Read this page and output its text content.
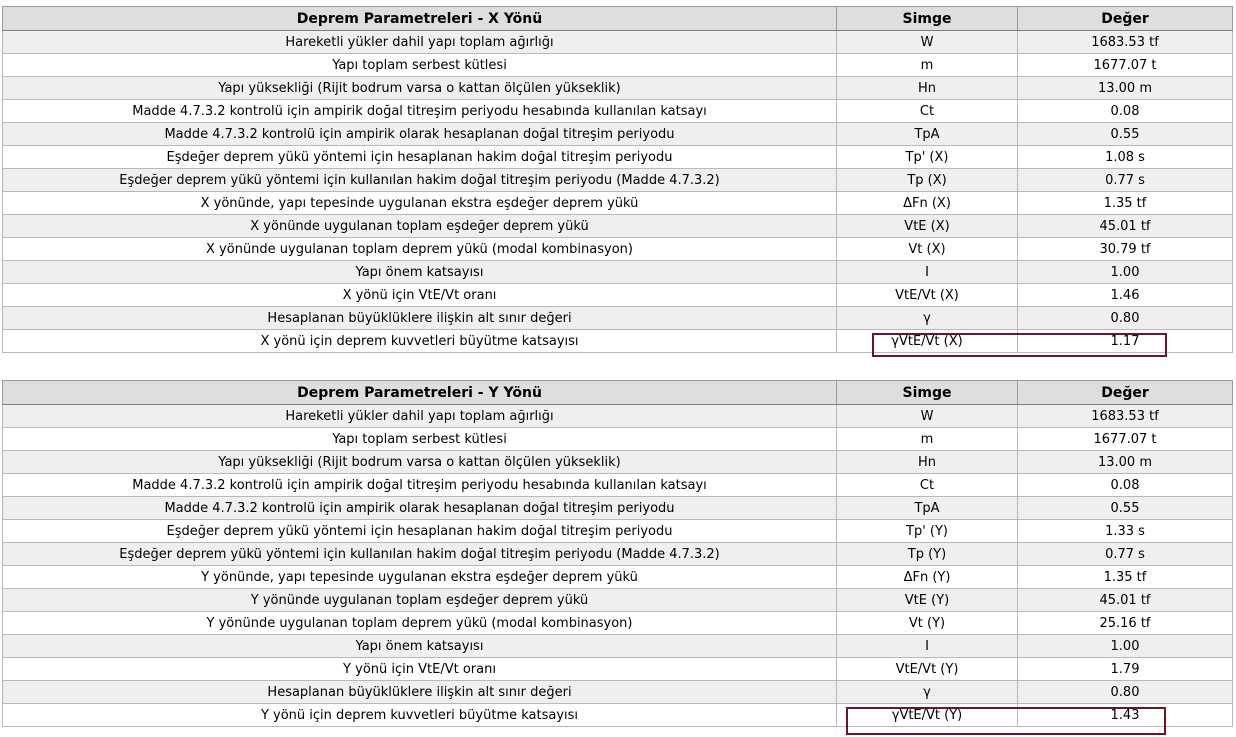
Deprem Parametreleri - X Yönü	Simge	Değer
Hareketli yükler dahil yapı toplam ağırlığı	W	1683.53 tf
Yapı toplam serbest kütlesi	m	1677.07 t
Yapı yüksekliği (Rijit bodrum varsa o kattan ölçülen yükseklik)	Hn	13.00 m
Madde 4.7.3.2 kontrolü için ampirik doğal titreşim periyodu hesabında kullanılan katsayı	Ct	0.08
Madde 4.7.3.2 kontrolü için ampirik olarak hesaplanan doğal titreşim periyodu	TpA	0.55
Eşdeğer deprem yükü yöntemi için hesaplanan hakim doğal titreşim periyodu	Tp' (X)	1.08 s
Eşdeğer deprem yükü yöntemi için kullanılan hakim doğal titreşim periyodu (Madde 4.7.3.2)	Tp (X)	0.77 s
X yönünde, yapı tepesinde uygulanan ekstra eşdeğer deprem yükü	ΔFn (X)	1.35 tf
X yönünde uygulanan toplam eşdeğer deprem yükü	VtE (X)	45.01 tf
X yönünde uygulanan toplam deprem yükü (modal kombinasyon)	Vt (X)	30.79 tf
Yapı önem katsayısı	I	1.00
X yönü için VtE/Vt oranı	VtE/Vt (X)	1.46
Hesaplanan büyüklüklere ilişkin alt sınır değeri	γ	0.80
X yönü için deprem kuvvetleri büyütme katsayısı	γVtE/Vt (X)	1.17
Deprem Parametreleri - Y Yönü	Simge	Değer
Hareketli yükler dahil yapı toplam ağırlığı	W	1683.53 tf
Yapı toplam serbest kütlesi	m	1677.07 t
Yapı yüksekliği (Rijit bodrum varsa o kattan ölçülen yükseklik)	Hn	13.00 m
Madde 4.7.3.2 kontrolü için ampirik doğal titreşim periyodu hesabında kullanılan katsayı	Ct	0.08
Madde 4.7.3.2 kontrolü için ampirik olarak hesaplanan doğal titreşim periyodu	TpA	0.55
Eşdeğer deprem yükü yöntemi için hesaplanan hakim doğal titreşim periyodu	Tp' (Y)	1.33 s
Eşdeğer deprem yükü yöntemi için kullanılan hakim doğal titreşim periyodu (Madde 4.7.3.2)	Tp (Y)	0.77 s
Y yönünde, yapı tepesinde uygulanan ekstra eşdeğer deprem yükü	ΔFn (Y)	1.35 tf
Y yönünde uygulanan toplam eşdeğer deprem yükü	VtE (Y)	45.01 tf
Y yönünde uygulanan toplam deprem yükü (modal kombinasyon)	Vt (Y)	25.16 tf
Yapı önem katsayısı	I	1.00
Y yönü için VtE/Vt oranı	VtE/Vt (Y)	1.79
Hesaplanan büyüklüklere ilişkin alt sınır değeri	γ	0.80
Y yönü için deprem kuvvetleri büyütme katsayısı	γVtE/Vt (Y)	1.43
